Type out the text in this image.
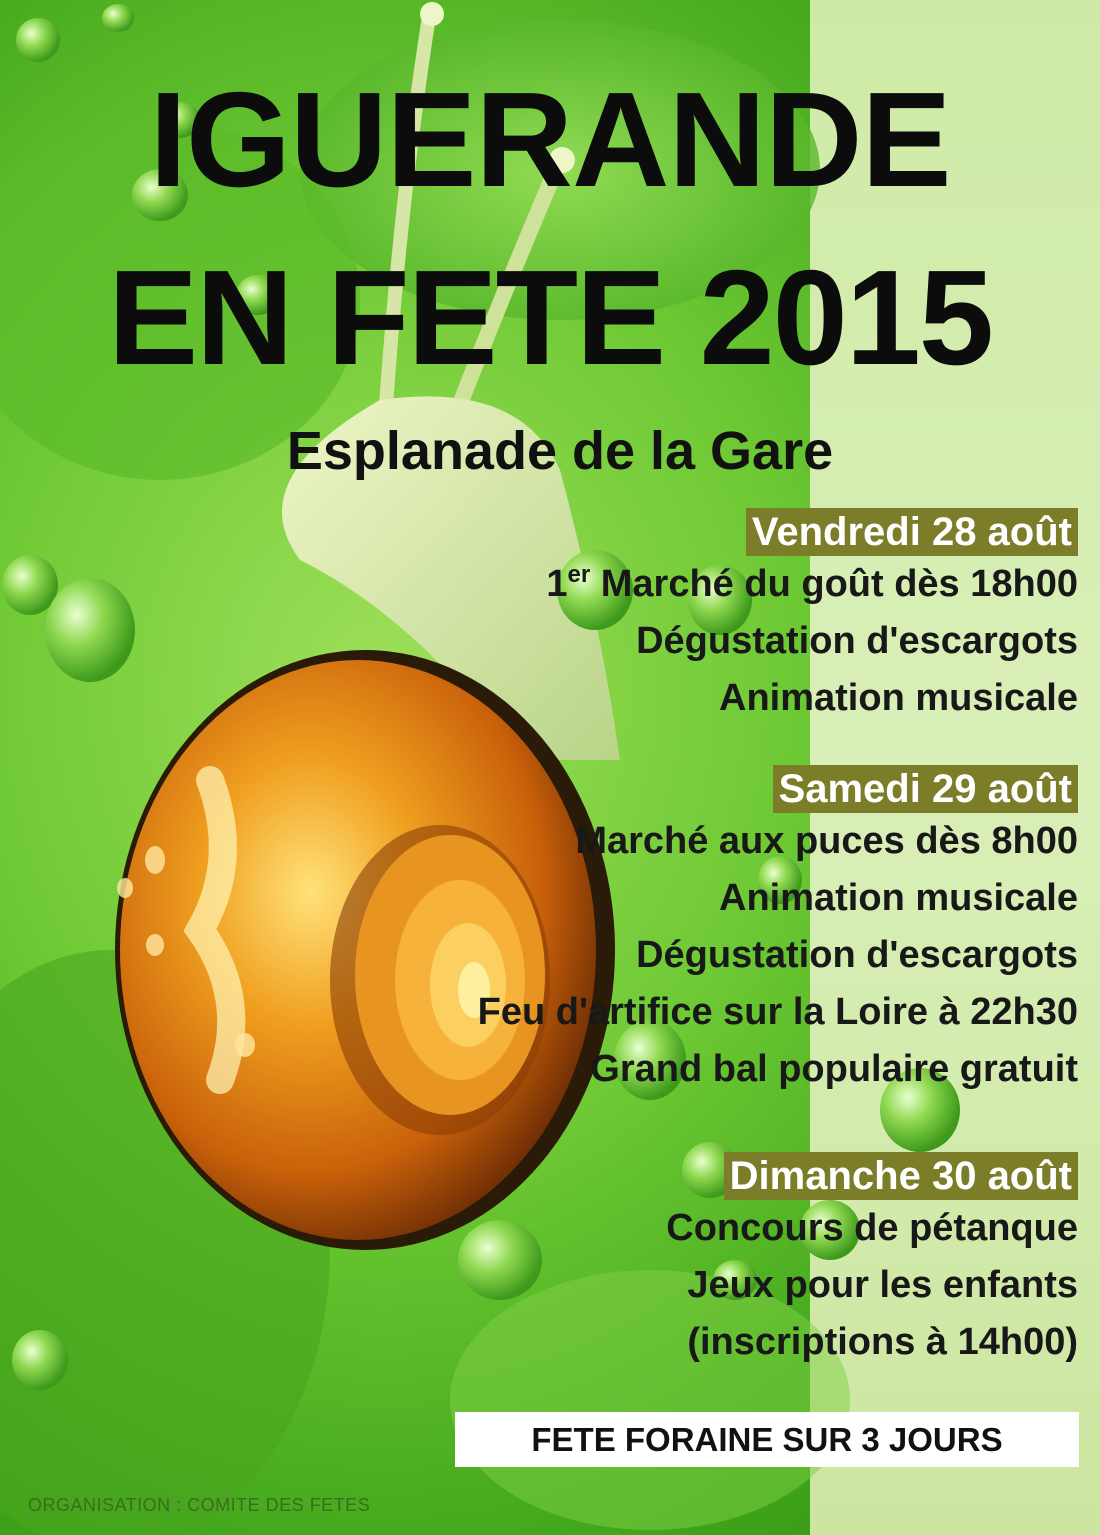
IGUERANDE
EN FETE 2015
Esplanade de la Gare
Vendredi 28 août
1er Marché du goût dès 18h00
Dégustation d'escargots
Animation musicale
Samedi 29 août
Marché aux puces dès 8h00
Animation musicale
Dégustation d'escargots
Feu d'artifice sur la Loire à 22h30
Grand bal populaire gratuit
Dimanche 30 août
Concours de pétanque
Jeux pour les enfants
(inscriptions à 14h00)
FETE FORAINE SUR 3 JOURS
ORGANISATION : COMITE DES FETES
